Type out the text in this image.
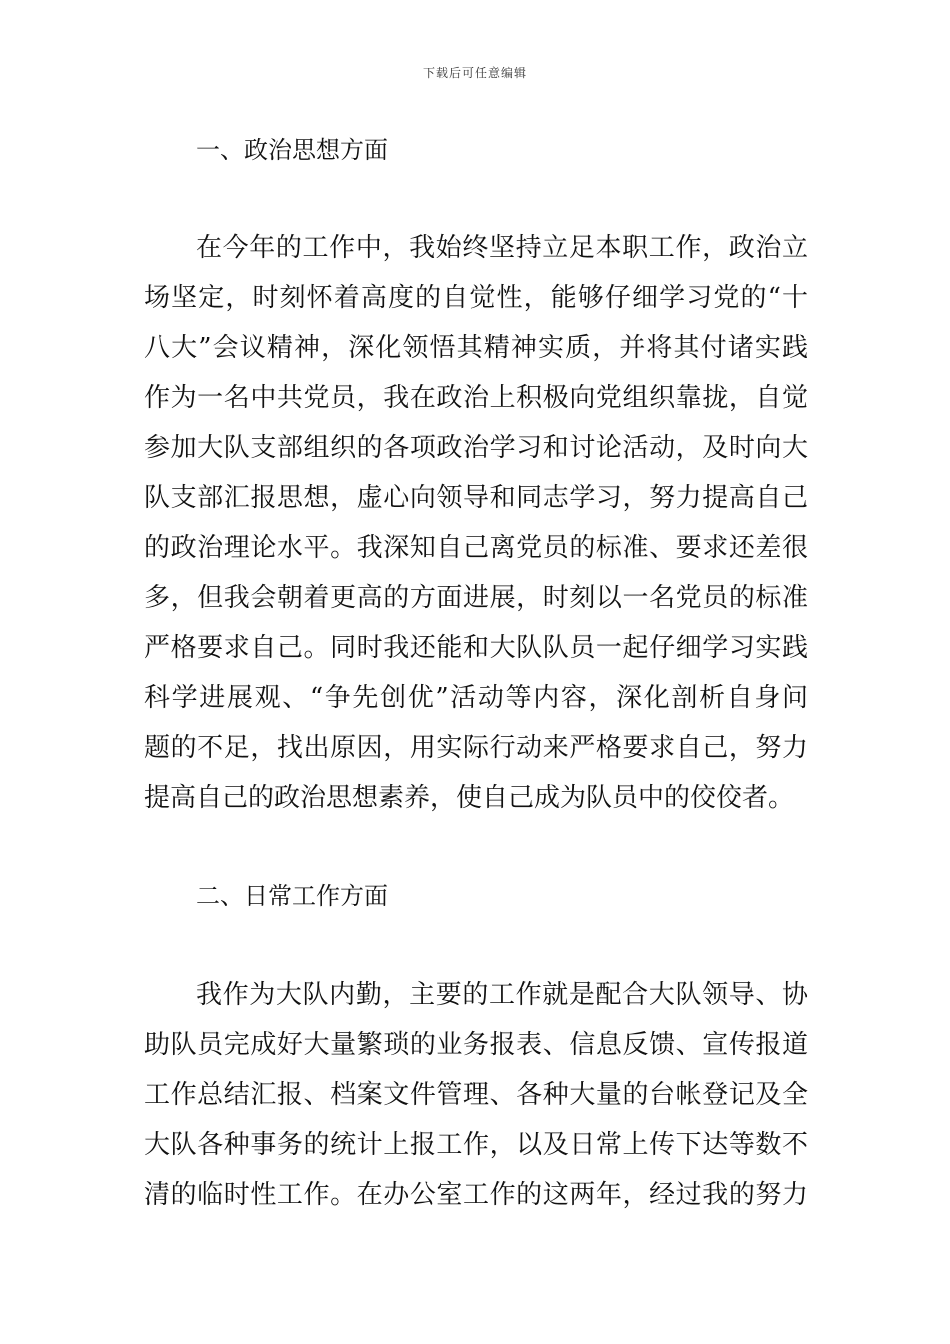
下载后可任意编辑
一、政治思想方面
在今年的工作中，我始终坚持立足本职工作，政治立
场坚定，时刻怀着高度的自觉性，能够仔细学习党的“十
八大”会议精神，深化领悟其精神实质，并将其付诸实践
作为一名中共党员，我在政治上积极向党组织靠拢，自觉
参加大队支部组织的各项政治学习和讨论活动，及时向大
队支部汇报思想，虚心向领导和同志学习，努力提高自己
的政治理论水平。我深知自己离党员的标准、要求还差很
多，但我会朝着更高的方面进展，时刻以一名党员的标准
严格要求自己。同时我还能和大队队员一起仔细学习实践
科学进展观、“争先创优”活动等内容，深化剖析自身问
题的不足，找出原因，用实际行动来严格要求自己，努力
提高自己的政治思想素养，使自己成为队员中的佼佼者。
二、日常工作方面
我作为大队内勤，主要的工作就是配合大队领导、协
助队员完成好大量繁琐的业务报表、信息反馈、宣传报道
工作总结汇报、档案文件管理、各种大量的台帐登记及全
大队各种事务的统计上报工作，以及日常上传下达等数不
清的临时性工作。在办公室工作的这两年，经过我的努力
